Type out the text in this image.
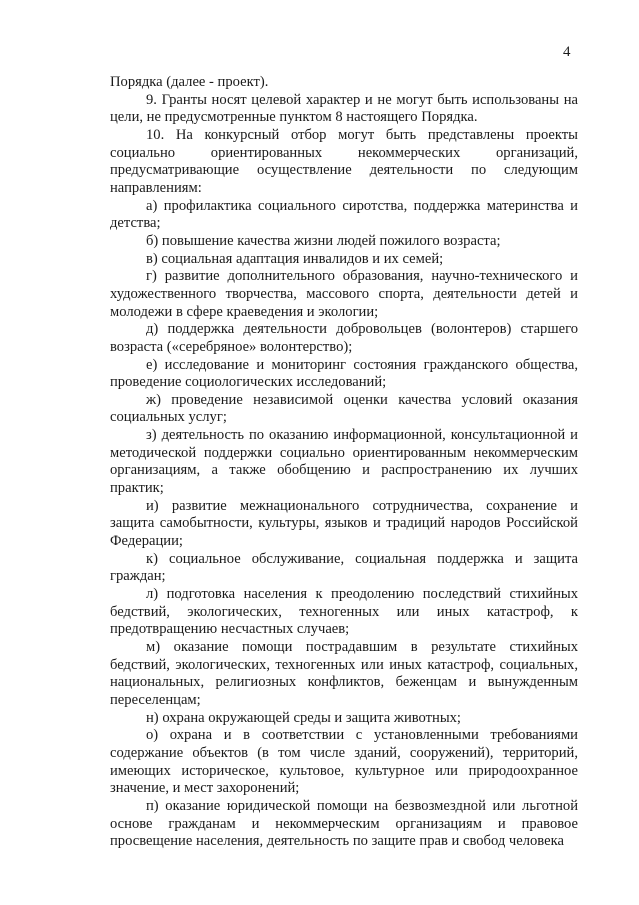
4

Порядка (далее - проект).

9. Гранты носят целевой характер и не могут быть использованы на цели, не предусмотренные пунктом 8 настоящего Порядка.

10. На конкурсный отбор могут быть представлены проекты социально ориентированных некоммерческих организаций, предусматривающие осуществление деятельности по следующим направлениям:

а) профилактика социального сиротства, поддержка материнства и детства;

б) повышение качества жизни людей пожилого возраста;

в) социальная адаптация инвалидов и их семей;

г) развитие дополнительного образования, научно-технического и художественного творчества, массового спорта, деятельности детей и молодежи в сфере краеведения и экологии;

д) поддержка деятельности добровольцев (волонтеров) старшего возраста («серебряное» волонтерство);

е) исследование и мониторинг состояния гражданского общества, проведение социологических исследований;

ж) проведение независимой оценки качества условий оказания социальных услуг;

з) деятельность по оказанию информационной, консультационной и методической поддержки социально ориентированным некоммерческим организациям, а также обобщению и распространению их лучших практик;

и) развитие межнационального сотрудничества, сохранение и защита самобытности, культуры, языков и традиций народов Российской Федерации;

к) социальное обслуживание, социальная поддержка и защита граждан;

л) подготовка населения к преодолению последствий стихийных бедствий, экологических, техногенных или иных катастроф, к предотвращению несчастных случаев;

м) оказание помощи пострадавшим в результате стихийных бедствий, экологических, техногенных или иных катастроф, социальных, национальных, религиозных конфликтов, беженцам и вынужденным переселенцам;

н) охрана окружающей среды и защита животных;

о) охрана и в соответствии с установленными требованиями содержание объектов (в том числе зданий, сооружений), территорий, имеющих историческое, культовое, культурное или природоохранное значение, и мест захоронений;

п) оказание юридической помощи на безвозмездной или льготной основе гражданам и некоммерческим организациям и правовое просвещение населения, деятельность по защите прав и свобод человека
